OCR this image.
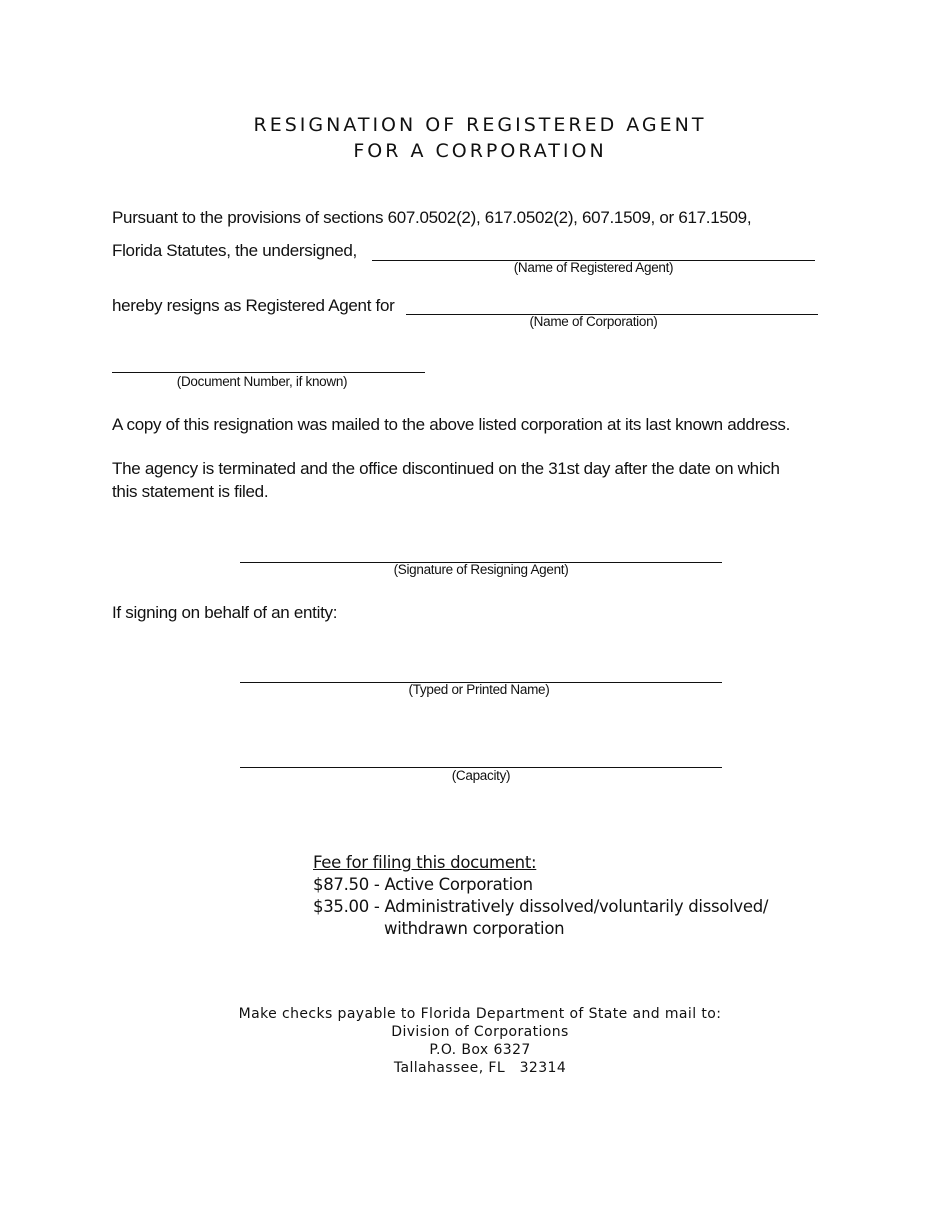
RESIGNATION OF REGISTERED AGENT
FOR A CORPORATION
Pursuant to the provisions of sections 607.0502(2), 617.0502(2), 607.1509, or 617.1509,
Florida Statutes, the undersigned,
(Name of Registered Agent)
hereby resigns as Registered Agent for
(Name of Corporation)
(Document Number, if known)
A copy of this resignation was mailed to the above listed corporation at its last known address.
The agency is terminated and the office discontinued on the 31st day after the date on which
this statement is filed.
(Signature of Resigning Agent)
If signing on behalf of an entity:
(Typed or Printed Name)
(Capacity)
Fee for filing this document:
$87.50 - Active Corporation
$35.00 - Administratively dissolved/voluntarily dissolved/
withdrawn corporation
Make checks payable to Florida Department of State and mail to:
Division of Corporations
P.O. Box 6327
Tallahassee, FL   32314
